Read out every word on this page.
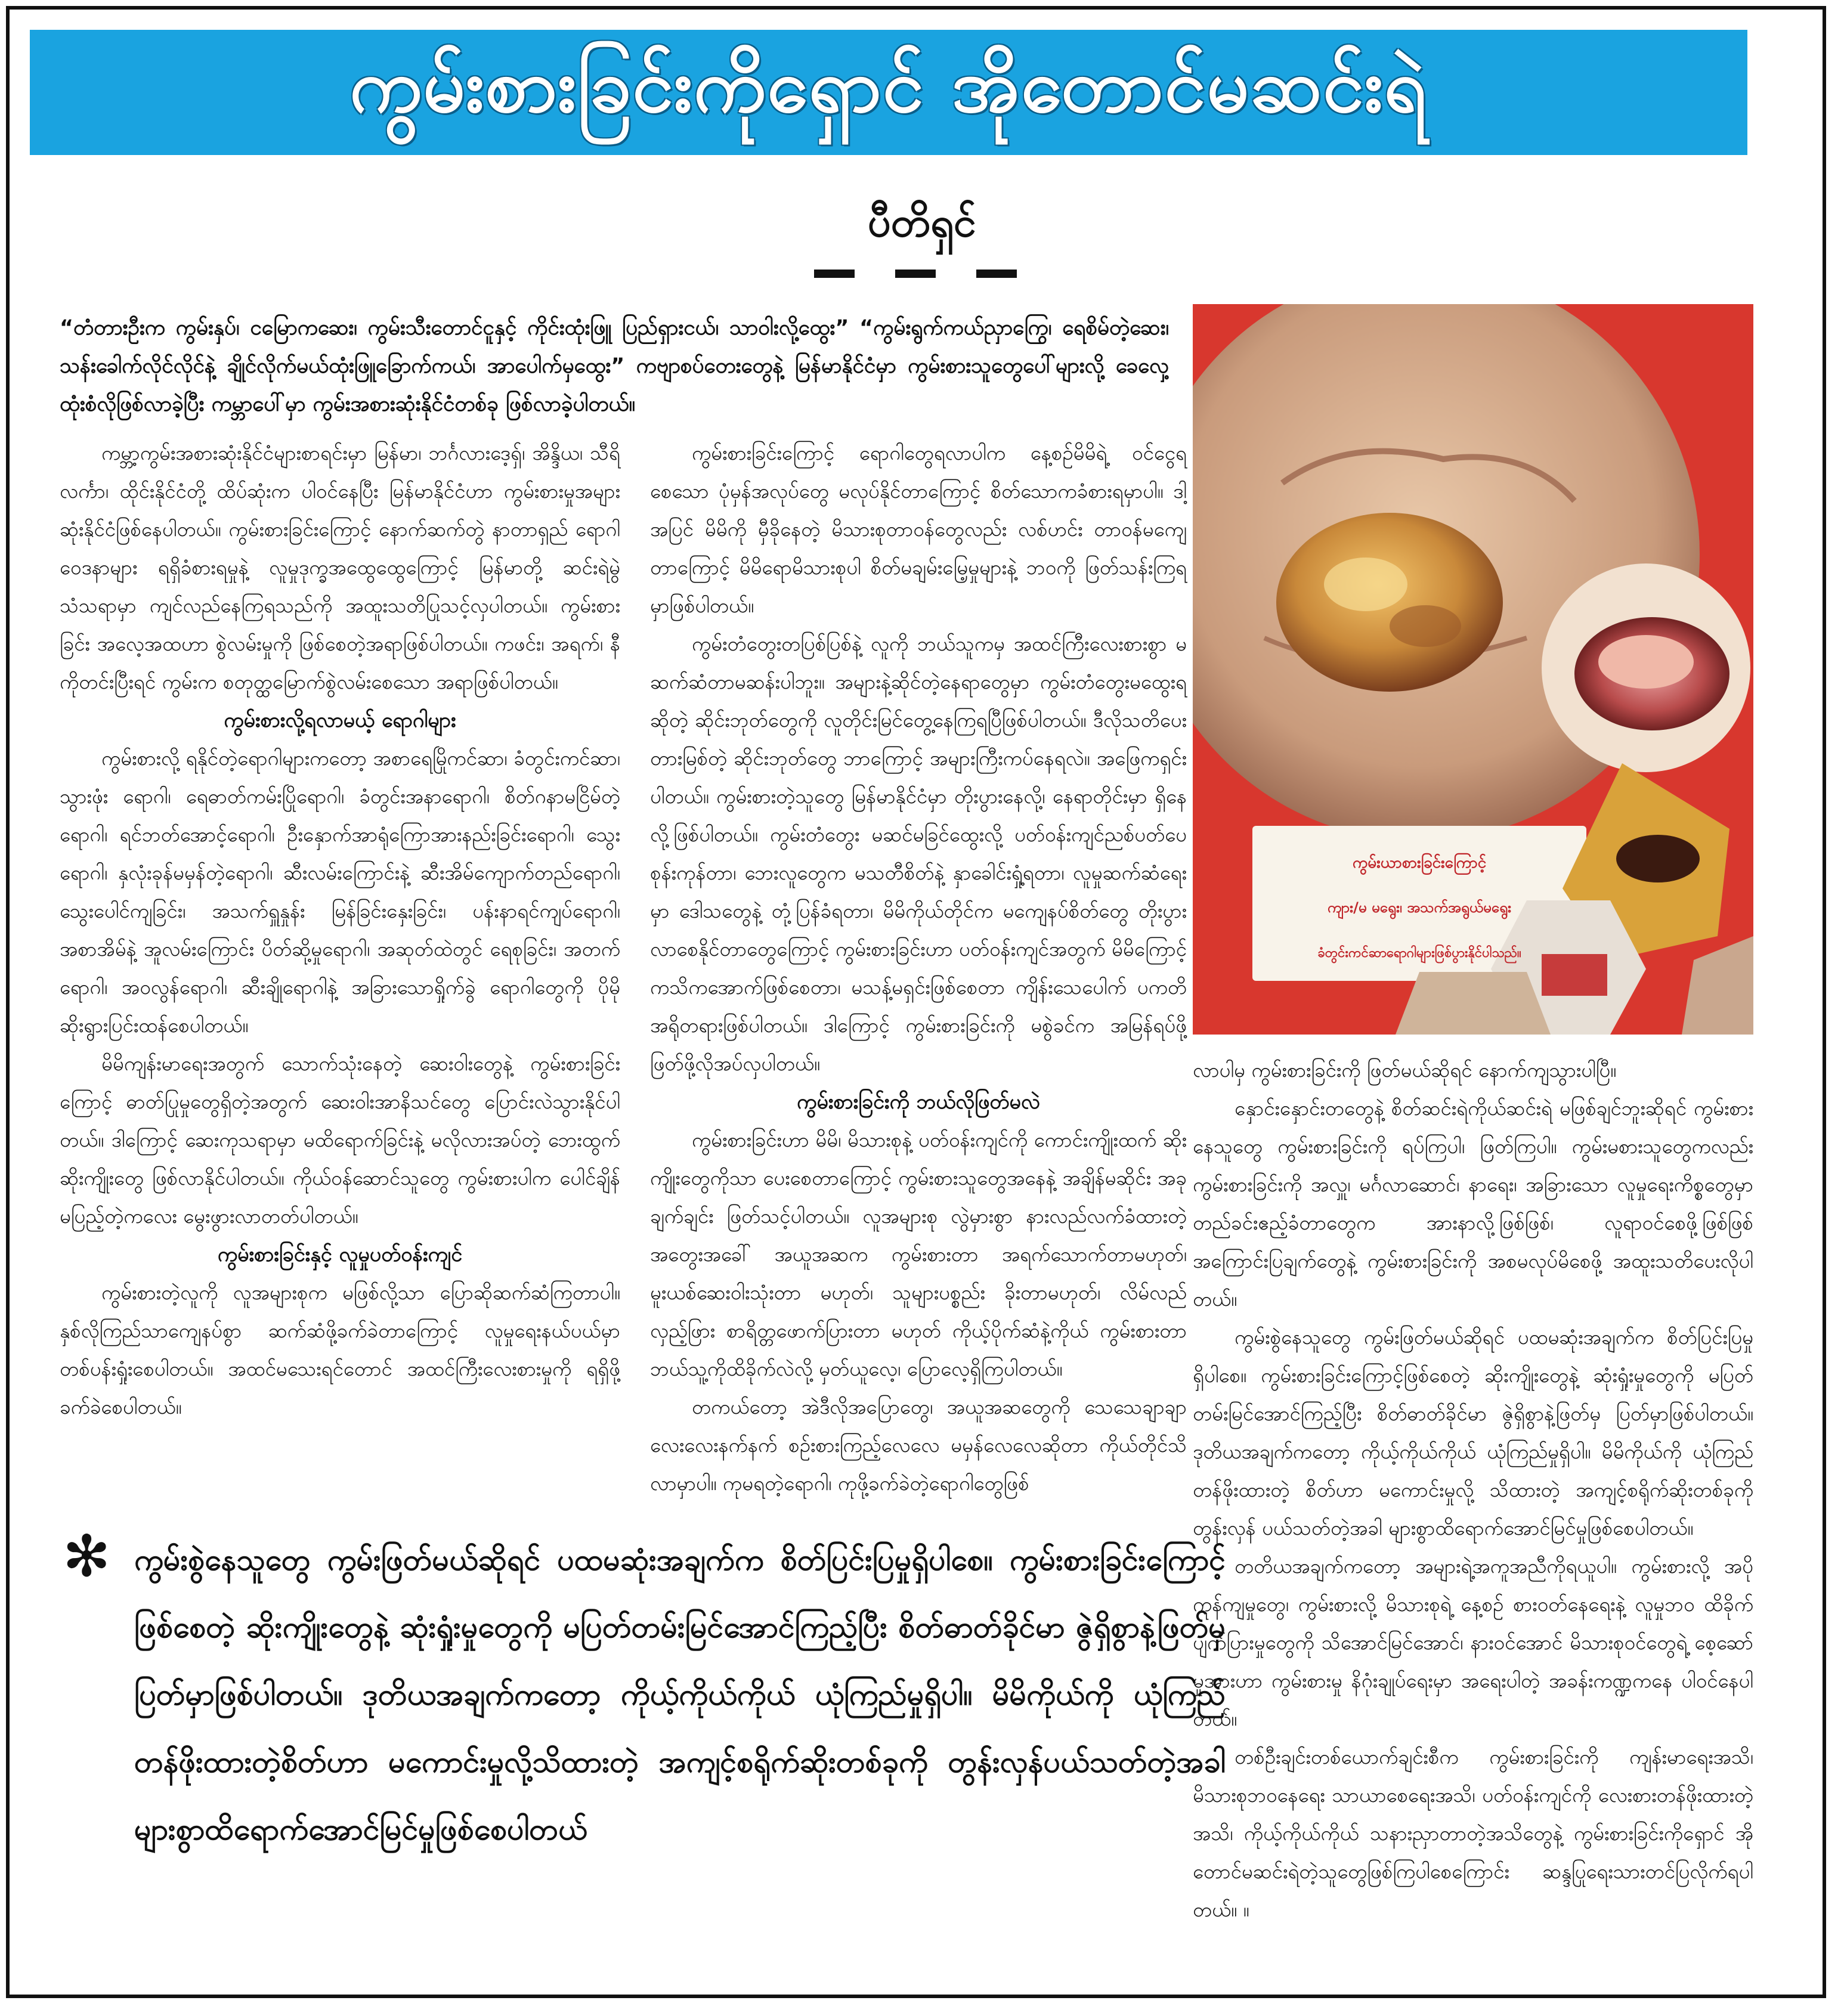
ကွမ်းစားခြင်းကိုရှောင် အိုတောင်မဆင်းရဲ
ပီတိရှင်
“တံတားဦးက ကွမ်းနှပ်၊ ငမြောကဆေး၊ ကွမ်းသီးတောင်ငူနှင့် ကိုင်းထုံးဖြူ ပြည်ရှားငယ်၊ သာဝါးလို့ထွေး” “ကွမ်းရွက်ကယ်ညှာကြွေ၊ ရေစိမ်တဲ့ဆေး၊ သန်းခေါက်လိုင်လိုင်နဲ့ ချိုင်လိုက်မယ်ထုံးဖြူခြောက်ကယ်၊ အာပေါက်မှထွေး” ကဗျာစပ်တေးတွေနဲ့ မြန်မာနိုင်ငံမှာ ကွမ်းစားသူတွေပေါ်များလို့ ခေလှေ့ထုံးစံလိုဖြစ်လာခဲ့ပြီး ကမ္ဘာပေါ်မှာ ကွမ်းအစားဆုံးနိုင်ငံတစ်ခု ဖြစ်လာခဲ့ပါတယ်။

ကမ္ဘာ့ကွမ်းအစားဆုံးနိုင်ငံများစာရင်းမှာ မြန်မာ၊ ဘင်္ဂလားဒေ့ရှ်၊ အိန္ဒိယ၊ သီရိလင်္ကာ၊ ထိုင်းနိုင်ငံတို့ ထိပ်ဆုံးက ပါဝင်နေပြီး မြန်မာနိုင်ငံဟာ ကွမ်းစားမှုအများဆုံးနိုင်ငံဖြစ်နေပါတယ်။ ကွမ်းစားခြင်းကြောင့် နောက်ဆက်တွဲ နာတာရှည် ရောဂါဝေဒနာများ ရရှိခံစားရမှုနဲ့ လူမှုဒုက္ခအထွေထွေကြောင့် မြန်မာတို့ ဆင်းရဲမွဲသံသရာမှာ ကျင်လည်နေကြရသည်ကို အထူးသတိပြုသင့်လှပါတယ်။ ကွမ်းစားခြင်း အလေ့အထဟာ စွဲလမ်းမှုကို ဖြစ်စေတဲ့အရာဖြစ်ပါတယ်။ ကဖင်း၊ အရက်၊ နီကိုတင်းပြီးရင် ကွမ်းက စတုတ္ထမြောက်စွဲလမ်းစေသော အရာဖြစ်ပါတယ်။

ကွမ်းစားလို့ရလာမယ့် ရောဂါများ

ကွမ်းစားလို့ ရနိုင်တဲ့ရောဂါများကတော့ အစာရေမြိုကင်ဆာ၊ ခံတွင်းကင်ဆာ၊ သွားဖုံး ရောဂါ၊ ရေဓာတ်ကမ်းပြိုရောဂါ၊ ခံတွင်းအနာရောဂါ၊ စိတ်ဂနာမငြိမ်တဲ့ရောဂါ၊ ရင်ဘတ်အောင့်ရောဂါ၊ ဦးနှောက်အာရုံကြောအားနည်းခြင်းရောဂါ၊ သွေးရောဂါ၊ နှလုံးခုန်မမှန်တဲ့ရောဂါ၊ ဆီးလမ်းကြောင်းနဲ့ ဆီးအိမ်ကျောက်တည်ရောဂါ၊ သွေးပေါင်ကျခြင်း၊ အသက်ရှူနှုန်း မြန်ခြင်းနှေးခြင်း၊ ပန်းနာရင်ကျပ်ရောဂါ၊ အစာအိမ်နဲ့ အူလမ်းကြောင်း ပိတ်ဆို့မှုရောဂါ၊ အဆုတ်ထဲတွင် ရေစုခြင်း၊ အတက်ရောဂါ၊ အဝလွန်ရောဂါ၊ ဆီးချိုရောဂါနဲ့ အခြားသောရှိုက်ခွဲ ရောဂါတွေကို ပိုမိုဆိုးရွားပြင်းထန်စေပါတယ်။

မိမိကျန်းမာရေးအတွက် သောက်သုံးနေတဲ့ ဆေးဝါးတွေနဲ့ ကွမ်းစားခြင်းကြောင့် ဓာတ်ပြုမှုတွေရှိတဲ့အတွက် ဆေးဝါးအာနိသင်တွေ ပြောင်းလဲသွားနိုင်ပါတယ်။ ဒါကြောင့် ဆေးကုသရာမှာ မထိရောက်ခြင်းနဲ့ မလိုလားအပ်တဲ့ ဘေးထွက်ဆိုးကျိုးတွေ ဖြစ်လာနိုင်ပါတယ်။ ကိုယ်ဝန်ဆောင်သူတွေ ကွမ်းစားပါက ပေါင်ချိန်မပြည့်တဲ့ကလေး မွေးဖွားလာတတ်ပါတယ်။

ကွမ်းစားခြင်းနှင့် လူမှုပတ်ဝန်းကျင်

ကွမ်းစားတဲ့လူကို လူအများစုက မဖြစ်လို့သာ ပြောဆိုဆက်ဆံကြတာပါ။ နှစ်လိုကြည်သာကျေနပ်စွာ ဆက်ဆံဖို့ခက်ခဲတာကြောင့် လူမှုရေးနယ်ပယ်မှာ တစ်ပန်းရှုံးစေပါတယ်။ အထင်မသေးရင်တောင် အထင်ကြီးလေးစားမှုကို ရရှိဖို့ ခက်ခဲစေပါတယ်။

ကွမ်းစားခြင်းကြောင့် ရောဂါတွေရလာပါက နေ့စဉ်မိမိရဲ့ ဝင်ငွေရစေသော ပုံမှန်အလုပ်တွေ မလုပ်နိုင်တာကြောင့် စိတ်သောကခံစားရမှာပါ။ ဒါ့အပြင် မိမိကို မှီခိုနေတဲ့ မိသားစုတာဝန်တွေလည်း လစ်ဟင်း တာဝန်မကျေတာကြောင့် မိမိရောမိသားစုပါ စိတ်မချမ်းမြေ့မှုများနဲ့ ဘဝကို ဖြတ်သန်းကြရမှာဖြစ်ပါတယ်။

ကွမ်းတံတွေးတပြစ်ပြစ်နဲ့ လူကို ဘယ်သူကမှ အထင်ကြီးလေးစားစွာ မဆက်ဆံတာမဆန်းပါဘူး။ အများနဲ့ဆိုင်တဲ့နေရာတွေမှာ ကွမ်းတံတွေးမထွေးရဆိုတဲ့ ဆိုင်းဘုတ်တွေကို လူတိုင်းမြင်တွေ့နေကြရပြီဖြစ်ပါတယ်။ ဒီလိုသတိပေးတားမြစ်တဲ့ ဆိုင်းဘုတ်တွေ ဘာကြောင့် အများကြီးကပ်နေရလဲ။ အဖြေကရှင်းပါတယ်။ ကွမ်းစားတဲ့သူတွေ မြန်မာနိုင်ငံမှာ တိုးပွားနေလို့၊ နေရာတိုင်းမှာ ရှိနေလို့ဖြစ်ပါတယ်။ ကွမ်းတံတွေး မဆင်မခြင်ထွေးလို့ ပတ်ဝန်းကျင်ညစ်ပတ်ပေစုန်းကုန်တာ၊ ဘေးလူတွေက မသတီစိတ်နဲ့ နှာခေါင်းရှုံ့ရတာ၊ လူမှုဆက်ဆံရေးမှာ ဒေါသတွေနဲ့ တုံ့ပြန်ခံရတာ၊ မိမိကိုယ်တိုင်က မကျေနပ်စိတ်တွေ တိုးပွားလာစေနိုင်တာတွေကြောင့် ကွမ်းစားခြင်းဟာ ပတ်ဝန်းကျင်အတွက် မိမိကြောင့် ကသိကအောက်ဖြစ်စေတာ၊ မသန့်မရှင်းဖြစ်စေတာ ကျိန်းသေပေါက် ပကတိအရိုတရားဖြစ်ပါတယ်။ ဒါကြောင့် ကွမ်းစားခြင်းကို မစွဲခင်က အမြန်ရပ်ဖို့ ဖြတ်ဖို့လိုအပ်လှပါတယ်။

ကွမ်းစားခြင်းကို ဘယ်လိုဖြတ်မလဲ

ကွမ်းစားခြင်းဟာ မိမိ၊ မိသားစုနဲ့ ပတ်ဝန်းကျင်ကို ကောင်းကျိုးထက် ဆိုးကျိုးတွေကိုသာ ပေးစေတာကြောင့် ကွမ်းစားသူတွေအနေနဲ့ အချိန်မဆိုင်း အခုချက်ချင်း ဖြတ်သင့်ပါတယ်။ လူအများစု လွဲမှားစွာ နားလည်လက်ခံထားတဲ့ အတွေးအခေါ် အယူအဆက ကွမ်းစားတာ အရက်သောက်တာမဟုတ်၊ မူးယစ်ဆေးဝါးသုံးတာ မဟုတ်၊ သူများပစ္စည်း ခိုးတာမဟုတ်၊ လိမ်လည်လှည့်ဖြား စာရိတ္တဖောက်ပြားတာ မဟုတ် ကိုယ့်ပိုက်ဆံနဲ့ကိုယ် ကွမ်းစားတာ ဘယ်သူ့ကိုထိခိုက်လဲလို့ မှတ်ယူလေ့၊ ပြောလေ့ရှိကြပါတယ်။

တကယ်တော့ အဲဒီလိုအပြောတွေ၊ အယူအဆတွေကို သေသေချာချာ လေးလေးနက်နက် စဉ်းစားကြည့်လေလေ မမှန်လေလေဆိုတာ ကိုယ်တိုင်သိလာမှာပါ။ ကုမရတဲ့ရောဂါ၊ ကုဖို့ခက်ခဲတဲ့ရောဂါတွေဖြစ်

ကွမ်းယာစားခြင်းကြောင့်
ကျား/မ မရွေး၊ အသက်အရွယ်မရွေး
ခံတွင်းကင်ဆာရောဂါများဖြစ်ပွားနိုင်ပါသည်။

လာပါမှ ကွမ်းစားခြင်းကို ဖြတ်မယ်ဆိုရင် နောက်ကျသွားပါပြီ။

နှောင်းနှောင်းတတွေနဲ့ စိတ်ဆင်းရဲကိုယ်ဆင်းရဲ မဖြစ်ချင်ဘူးဆိုရင် ကွမ်းစားနေသူတွေ ကွမ်းစားခြင်းကို ရပ်ကြပါ၊ ဖြတ်ကြပါ။ ကွမ်းမစားသူတွေကလည်း ကွမ်းစားခြင်းကို အလှူ၊ မင်္ဂလာဆောင်၊ နာရေး၊ အခြားသော လူမှုရေးကိစ္စတွေမှာ တည်ခင်းဧည့်ခံတာတွေက အားနာလို့ဖြစ်ဖြစ်၊ လူရာဝင်စေဖို့ဖြစ်ဖြစ် အကြောင်းပြချက်တွေနဲ့ ကွမ်းစားခြင်းကို အစမလုပ်မိစေဖို့ အထူးသတိပေးလိုပါတယ်။

ကွမ်းစွဲနေသူတွေ ကွမ်းဖြတ်မယ်ဆိုရင် ပထမဆုံးအချက်က စိတ်ပြင်းပြမှုရှိပါစေ။ ကွမ်းစားခြင်းကြောင့်ဖြစ်စေတဲ့ ဆိုးကျိုးတွေနဲ့ ဆုံးရှုံးမှုတွေကို မပြတ်တမ်းမြင်အောင်ကြည့်ပြီး စိတ်ဓာတ်ခိုင်မာ ဇွဲရှိစွာနဲ့ဖြတ်မှ ပြတ်မှာဖြစ်ပါတယ်။ ဒုတိယအချက်ကတော့ ကိုယ့်ကိုယ်ကိုယ် ယုံကြည်မှုရှိပါ။ မိမိကိုယ်ကို ယုံကြည်တန်ဖိုးထားတဲ့ စိတ်ဟာ မကောင်းမှုလို့ သိထားတဲ့ အကျင့်စရိုက်ဆိုးတစ်ခုကို တွန်းလှန် ပယ်သတ်တဲ့အခါ များစွာထိရောက်အောင်မြင်မှုဖြစ်စေပါတယ်။

တတိယအချက်ကတော့ အများရဲ့အကူအညီကိုရယူပါ။ ကွမ်းစားလို့ အပိုကုန်ကျမှုတွေ၊ ကွမ်းစားလို့ မိသားစုရဲ့ နေ့စဉ် စားဝတ်နေရေးနဲ့ လူမှုဘဝ ထိခိုက်ပျက်ပြားမှုတွေကို သိအောင်မြင်အောင်၊ နားဝင်အောင် မိသားစုဝင်တွေရဲ့ စေ့ဆော်မှုအားဟာ ကွမ်းစားမှု နိဂုံးချုပ်ရေးမှာ အရေးပါတဲ့ အခန်းကဏ္ဍကနေ ပါဝင်နေပါတယ်။

တစ်ဦးချင်းတစ်ယောက်ချင်းစီက ကွမ်းစားခြင်းကို ကျန်းမာရေးအသိ၊ မိသားစုဘဝနေရေး သာယာစေရေးအသိ၊ ပတ်ဝန်းကျင်ကို လေးစားတန်ဖိုးထားတဲ့အသိ၊ ကိုယ့်ကိုယ်ကိုယ် သနားညှာတာတဲ့အသိတွေနဲ့ ကွမ်းစားခြင်းကိုရှောင် အိုတောင်မဆင်းရဲတဲ့သူတွေဖြစ်ကြပါစေကြောင်း ဆန္ဒပြုရေးသားတင်ပြလိုက်ရပါတယ်။ ။

✻ ကွမ်းစွဲနေသူတွေ ကွမ်းဖြတ်မယ်ဆိုရင် ပထမဆုံးအချက်က စိတ်ပြင်းပြမှုရှိပါစေ။ ကွမ်းစားခြင်းကြောင့်ဖြစ်စေတဲ့ ဆိုးကျိုးတွေနဲ့ ဆုံးရှုံးမှုတွေကို မပြတ်တမ်းမြင်အောင်ကြည့်ပြီး စိတ်ဓာတ်ခိုင်မာ ဇွဲရှိစွာနဲ့ဖြတ်မှ ပြတ်မှာဖြစ်ပါတယ်။ ဒုတိယအချက်ကတော့ ကိုယ့်ကိုယ်ကိုယ် ယုံကြည်မှုရှိပါ။ မိမိကိုယ်ကို ယုံကြည်တန်ဖိုးထားတဲ့စိတ်ဟာ မကောင်းမှုလို့သိထားတဲ့ အကျင့်စရိုက်ဆိုးတစ်ခုကို တွန်းလှန်ပယ်သတ်တဲ့အခါ များစွာထိရောက်အောင်မြင်မှုဖြစ်စေပါတယ်
